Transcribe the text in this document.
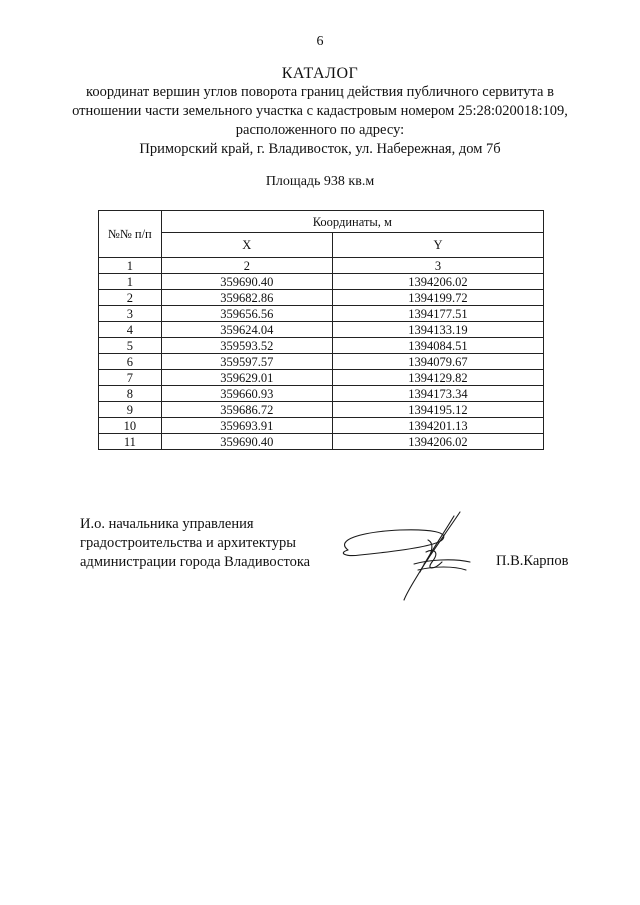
6
КАТАЛОГ
координат вершин углов поворота границ действия публичного сервитута в
отношении части земельного участка с кадастровым номером 25:28:020018:109,
расположенного по адресу:
Приморский край, г. Владивосток, ул. Набережная, дом 7б
Площадь 938 кв.м
№№ п/п	Координаты, м	
	X	Y
1	2	3
1	359690.40	1394206.02
2	359682.86	1394199.72
3	359656.56	1394177.51
4	359624.04	1394133.19
5	359593.52	1394084.51
6	359597.57	1394079.67
7	359629.01	1394129.82
8	359660.93	1394173.34
9	359686.72	1394195.12
10	359693.91	1394201.13
11	359690.40	1394206.02
И.о. начальника управления
градостроительства и архитектуры
администрации города Владивостока	П.В.Карпов
